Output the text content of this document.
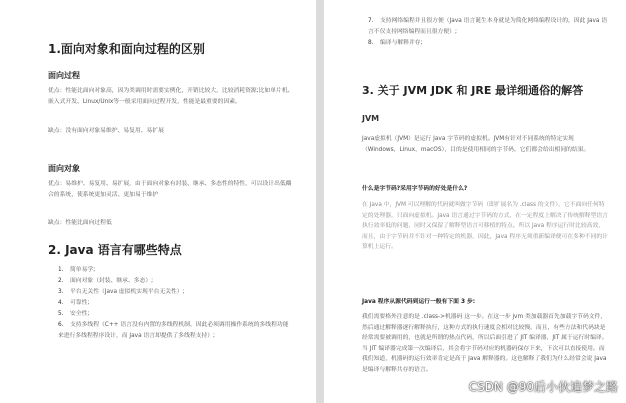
1.面向对象和面向过程的区别
面向过程
优点：性能比面向对象高，因为类调用时需要实例化，开销比较大，比较消耗资源;比如单片机、嵌入式开发、Linux/Unix等一般采用面向过程开发，性能是最重要的因素。
缺点：没有面向对象易维护、易复用、易扩展
面向对象
优点：易维护、易复用、易扩展，由于面向对象有封装、继承、多态性的特性，可以设计出低耦合的系统，使系统更加灵活、更加易于维护
缺点：性能比面向过程低
2. Java 语言有哪些特点
1. 简单易学;
2. 面向对象（封装、继承、多态）;
3. 平台无关性（Java 虚拟机实现平台无关性）;
4. 可靠性;
5. 安全性;
6. 支持多线程（C++ 语言没有内置的多线程机制，因此必须调用操作系统的多线程功能来进行多线程程序设计，而 Java 语言却提供了多线程支持）;
7. 支持网络编程并且很方便（Java 语言诞生本身就是为简化网络编程设计的，因此 Java 语言不仅支持网络编程而且很方便）;
8. 编译与解释并存;
3. 关于 JVM JDK 和 JRE 最详细通俗的解答
JVM
Java虚拟机（JVM）是运行 Java 字节码的虚拟机。JVM有针对不同系统的特定实现（Windows，Linux，macOS），目的是使用相同的字节码，它们都会给出相同的结果。
什么是字节码?采用字节码的好处是什么?
在 Java 中，JVM 可以理解的代码就叫做字节码（即扩展名为 .class 的文件），它不面向任何特定的处理器，只面向虚拟机。Java 语言通过字节码的方式，在一定程度上解决了传统解释型语言执行效率低的问题，同时又保留了解释型语言可移植的特点。所以 Java 程序运行时比较高效，而且，由于字节码并不针对一种特定的机器，因此，Java 程序无须重新编译便可在多种不同的计算机上运行。
Java 程序从源代码到运行一般有下面 3 步:
我们需要格外注意的是 .class->机器码 这一步。在这一步 jvm 类加载器首先加载字节码文件，然后通过解释器逐行解释执行，这种方式的执行速度会相对比较慢。而且，有些方法和代码块是经常需要被调用的，也就是所谓的热点代码，所以后面引进了 JIT 编译器，JIT 属于运行时编译。当 JIT 编译器完成第一次编译后，其会将字节码对应的机器码保存下来，下次可以直接使用。而我们知道，机器码的运行效率肯定是高于 Java 解释器的。这也解释了我们为什么经常会说 Java 是编译与解释共存的语言。
CSDN @90后小伙追梦之路
